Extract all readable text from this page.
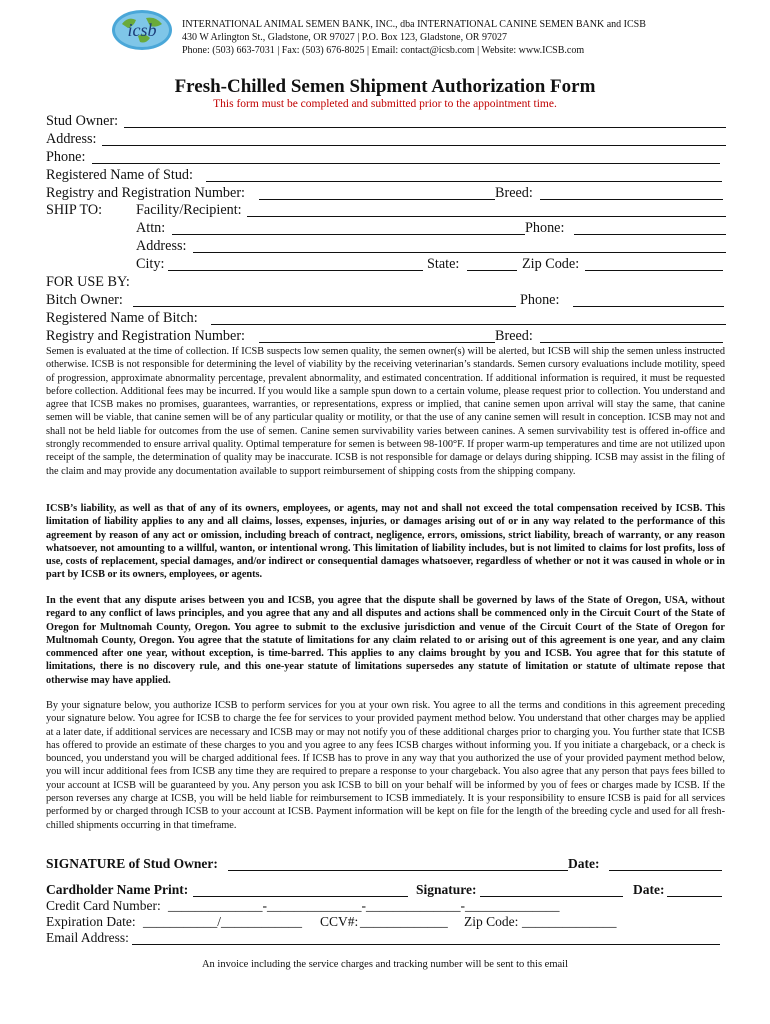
icsb	INTERNATIONAL ANIMAL SEMEN BANK, INC., dba INTERNATIONAL CANINE SEMEN BANK and ICSB
430 W Arlington St., Gladstone, OR 97027 | P.O. Box 123, Gladstone, OR 97027
Phone: (503) 663-7031 | Fax: (503) 676-8025 | Email: contact@icsb.com | Website: www.ICSB.com
Fresh-Chilled Semen Shipment Authorization Form
This form must be completed and submitted prior to the appointment time.
Stud Owner:
Address:
Phone:
Registered Name of Stud:
Registry and Registration Number:	Breed:
SHIP TO: Facility/Recipient:
Attn:	Phone:
Address:
City:	State:	Zip Code:
FOR USE BY:
Bitch Owner:	Phone:
Registered Name of Bitch:
Registry and Registration Number:	Breed:
Semen is evaluated at the time of collection. If ICSB suspects low semen quality, the semen owner(s) will be alerted, but ICSB will ship the semen unless instructed otherwise. ICSB is not responsible for determining the level of viability by the receiving veterinarian’s standards. Semen cursory evaluations include motility, speed of progression, approximate abnormality percentage, prevalent abnormality, and estimated concentration. If additional information is required, it must be requested before collection. Additional fees may be incurred. If you would like a sample spun down to a certain volume, please request prior to collection. You understand and agree that ICSB makes no promises, guarantees, warranties, or representations, express or implied, that canine semen upon arrival will stay the same, that canine semen will be viable, that canine semen will be of any particular quality or motility, or that the use of any canine semen will result in conception. ICSB may not and shall not be held liable for outcomes from the use of semen. Canine semen survivability varies between canines. A semen survivability test is offered in-office and strongly recommended to ensure arrival quality. Optimal temperature for semen is between 98-100°F. If proper warm-up temperatures and time are not utilized upon receipt of the sample, the determination of quality may be inaccurate. ICSB is not responsible for damage or delays during shipping. ICSB may assist in the filing of the claim and may provide any documentation available to support reimbursement of shipping costs from the shipping company.
ICSB’s liability, as well as that of any of its owners, employees, or agents, may not and shall not exceed the total compensation received by ICSB. This limitation of liability applies to any and all claims, losses, expenses, injuries, or damages arising out of or in any way related to the performance of this agreement by reason of any act or omission, including breach of contract, negligence, errors, omissions, strict liability, breach of warranty, or any reason whatsoever, not amounting to a willful, wanton, or intentional wrong. This limitation of liability includes, but is not limited to claims for lost profits, loss of use, costs of replacement, special damages, and/or indirect or consequential damages whatsoever, regardless of whether or not it was caused in whole or in part by ICSB or its owners, employees, or agents.
In the event that any dispute arises between you and ICSB, you agree that the dispute shall be governed by laws of the State of Oregon, USA, without regard to any conflict of laws principles, and you agree that any and all disputes and actions shall be commenced only in the Circuit Court of the State of Oregon for Multnomah County, Oregon. You agree to submit to the exclusive jurisdiction and venue of the Circuit Court of the State of Oregon for Multnomah County, Oregon. You agree that the statute of limitations for any claim related to or arising out of this agreement is one year, and any claim commenced after one year, without exception, is time-barred. This applies to any claims brought by you and ICSB. You agree that for this statute of limitations, there is no discovery rule, and this one-year statute of limitations supersedes any statute of limitation or statute of ultimate repose that otherwise may have applied.
By your signature below, you authorize ICSB to perform services for you at your own risk. You agree to all the terms and conditions in this agreement preceding your signature below. You agree for ICSB to charge the fee for services to your provided payment method below. You understand that other charges may be applied at a later date, if additional services are necessary and ICSB may or may not notify you of these additional charges prior to charging you. You further state that ICSB has offered to provide an estimate of these charges to you and you agree to any fees ICSB charges without informing you. If you initiate a chargeback, or a check is bounced, you understand you will be charged additional fees. If ICSB has to prove in any way that you authorized the use of your provided payment method below, you will incur additional fees from ICSB any time they are required to prepare a response to your chargeback. You also agree that any person that pays fees billed to your account at ICSB will be guaranteed by you. Any person you ask ICSB to bill on your behalf will be informed by you of fees or charges made by ICSB. If the person reverses any charge at ICSB, you will be held liable for reimbursement to ICSB immediately. It is your responsibility to ensure ICSB is paid for all services performed by or charged through ICSB to your account at ICSB. Payment information will be kept on file for the length of the breeding cycle and used for all fresh-chilled shipments occurring in that timeframe.
SIGNATURE of Stud Owner:	Date:
Cardholder Name Print:	Signature:	Date:
Credit Card Number: ______________-______________-______________-______________
Expiration Date: ___________/____________ CCV#: _____________ Zip Code: ______________
Email Address:
An invoice including the service charges and tracking number will be sent to this email
